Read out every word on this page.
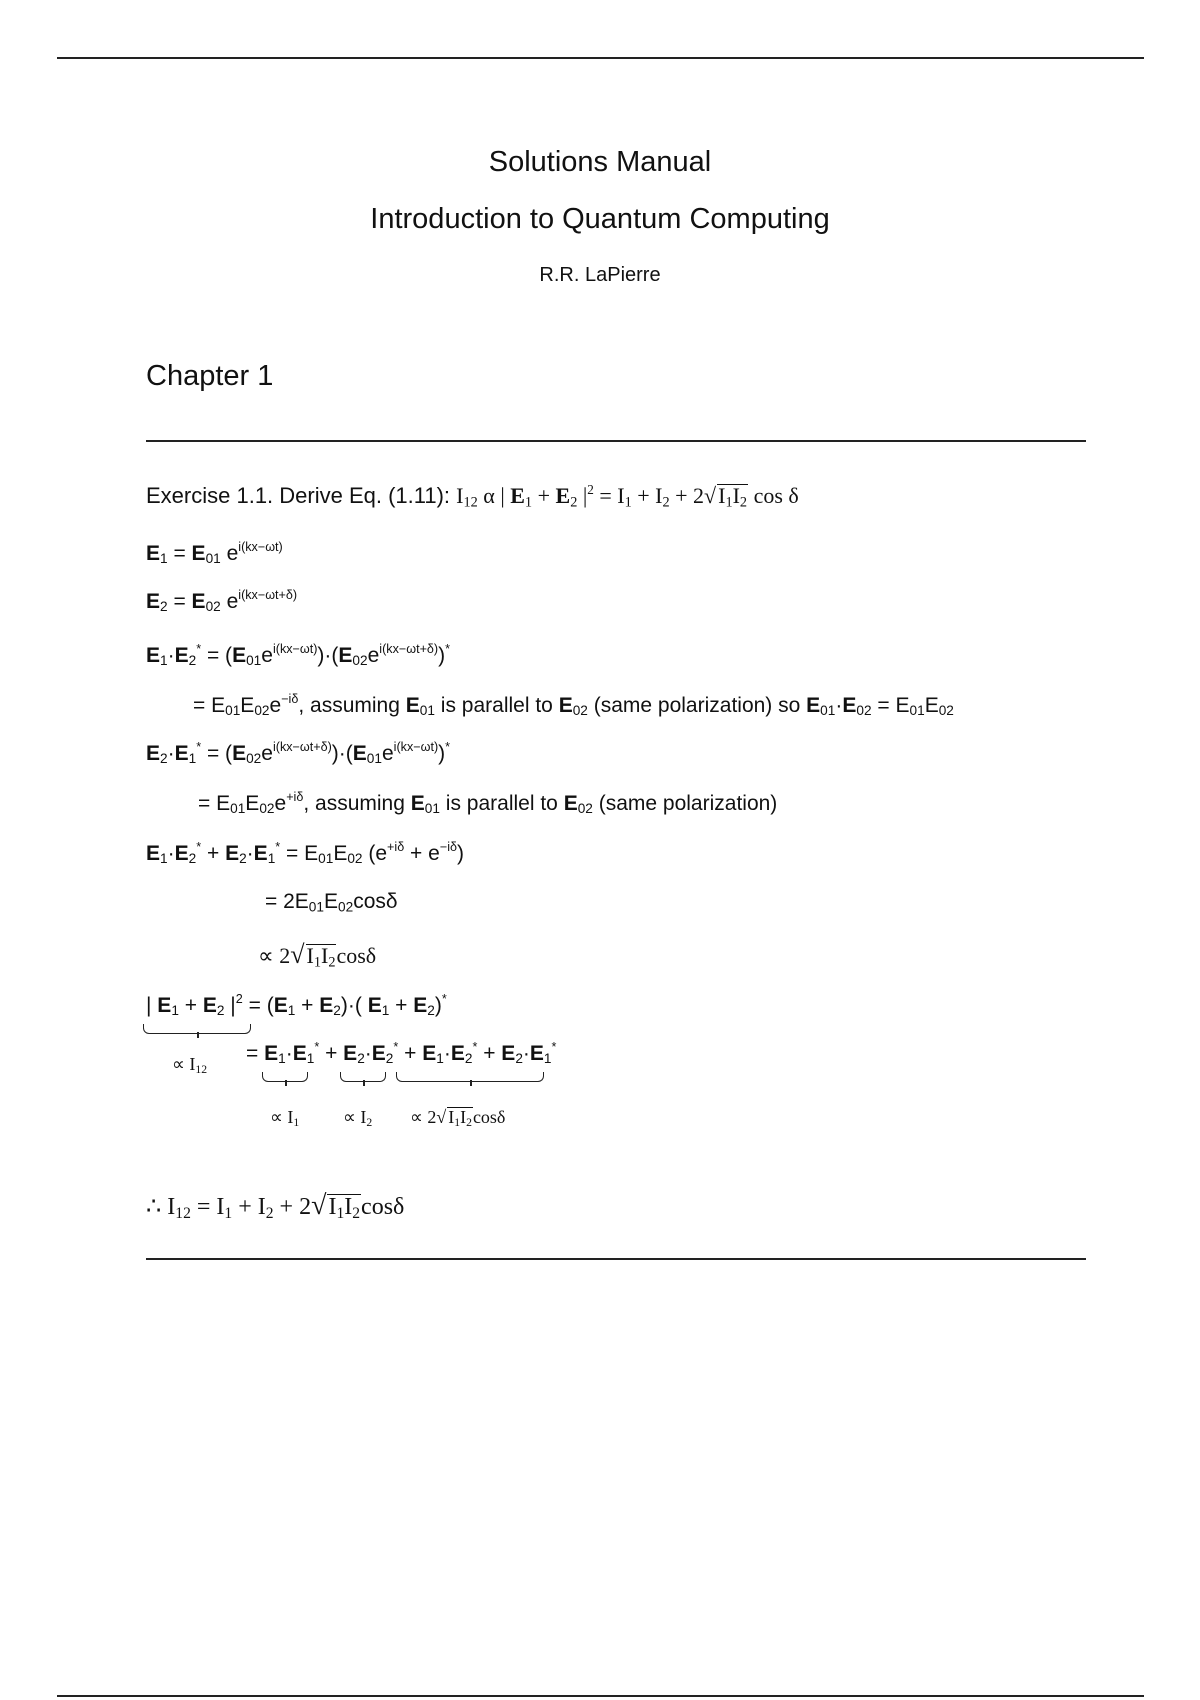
Solutions Manual
Introduction to Quantum Computing
R.R. LaPierre
Chapter 1
Exercise 1.1. Derive Eq. (1.11): $I_{12}$ α | $E_1 + E_2$ $|^2 = I_1 + I_2 + 2√I_1I_2$ cos δ
$E_1 = E_{01}$ $e^{i(kx-\omega t)}$
$E_2 = E_{02}$ $e^{i(kx-\omega t+\delta)}$
$E_1\cdot E_2^* = (E_{01}e^{i(kx-\omega t)})\cdot(E_{02}e^{i(kx-\omega t+\delta)})^*$
= $E_{01}E_{02}e^{-i\delta}$, assuming $E_{01}$ is parallel to $E_{02}$ (same polarization) so $E_{01}\cdot E_{02} = E_{01}E_{02}$
$E_2\cdot E_1^* = (E_{02}e^{i(kx-\omega t+\delta)})\cdot(E_{01}e^{i(kx-\omega t)})^*$
= $E_{01}E_{02}e^{+i\delta}$, assuming $E_{01}$ is parallel to $E_{02}$ (same polarization)
$E_1\cdot E_2^* + E_2\cdot E_1^* = E_{01}E_{02}$ $(e^{+i\delta} + e^{-i\delta})$
= $2E_{01}E_{02}\cos\delta$
∝ $2√I_1I_2\cos\delta$
| $E_1 + E_2$ $|^2 = (E_1 + E_2)\cdot$( $E_1 + E_2)^*$
∝ $I_{12}$
= $E_1\cdot E_1^* + E_2\cdot E_2^* + E_1\cdot E_2^* + E_2\cdot E_1^*$
∝ $I_1 \propto I_2 \propto 2√$ $I_1I_2\cos\delta$
∴ $I_{12} = I_1 + I_2 + 2√I_1I_2\cos\delta$
